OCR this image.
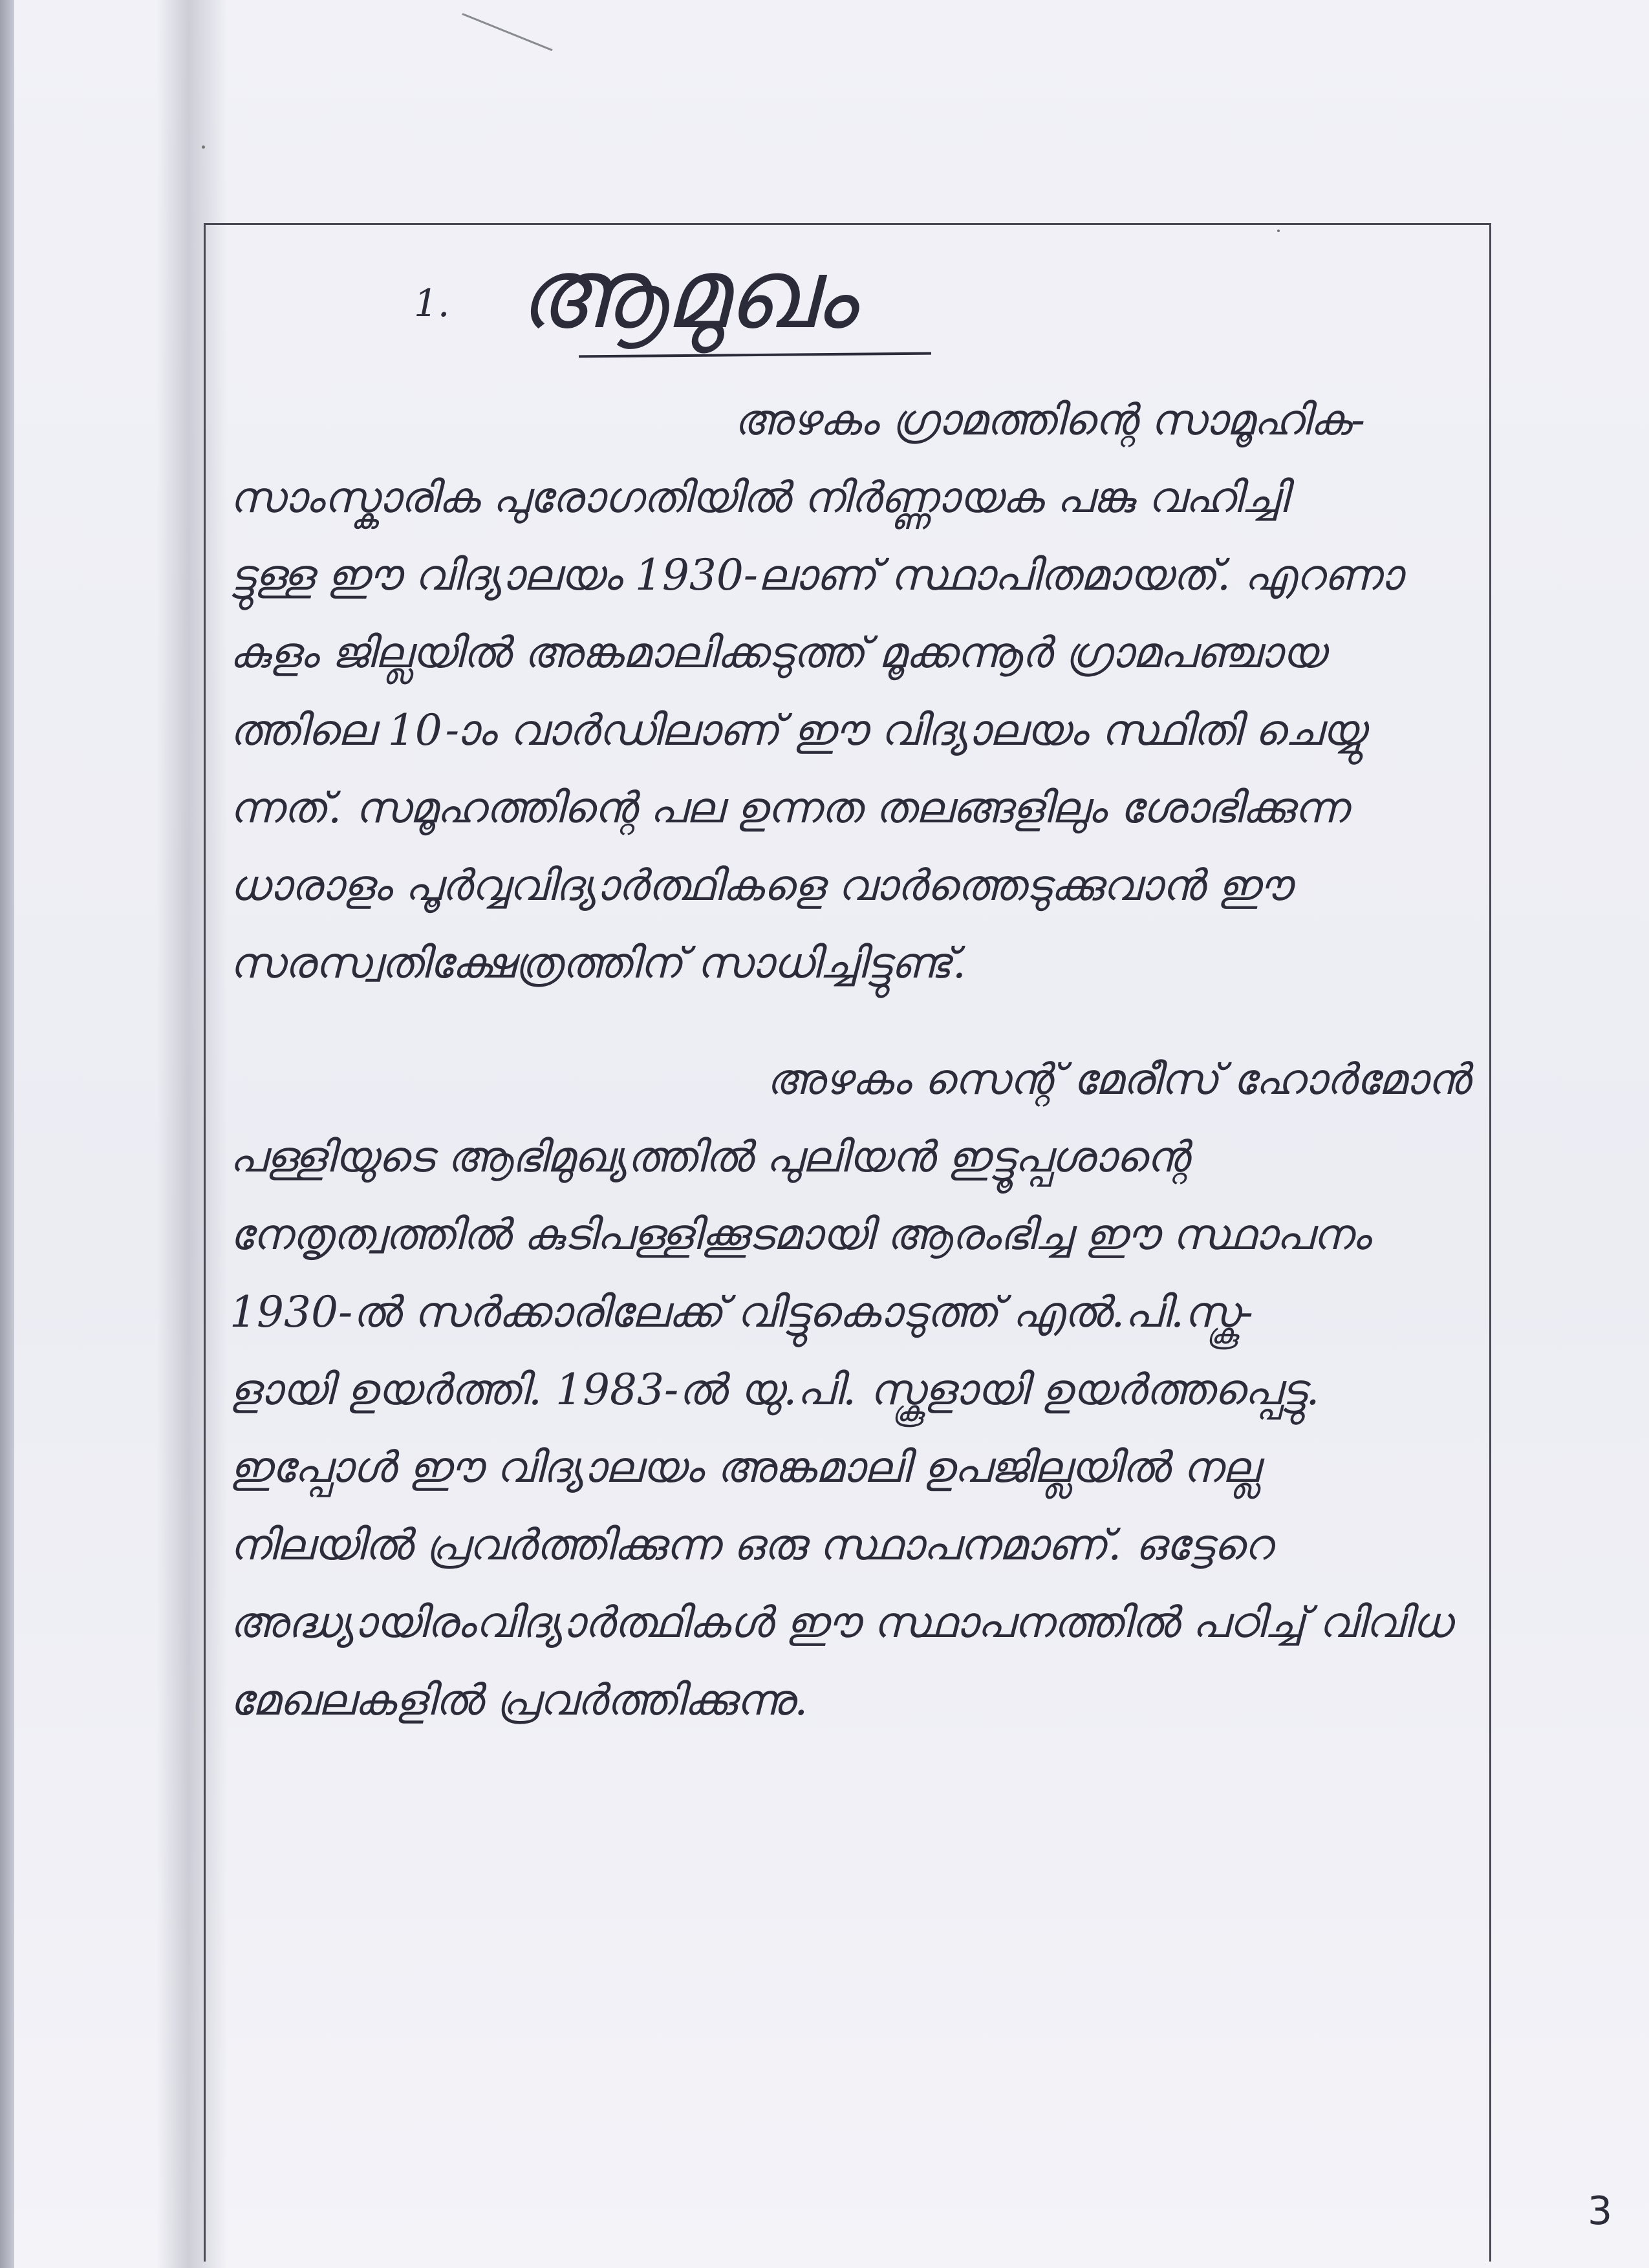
1. ആമുഖം
അഴകം ഗ്രാമത്തിന്റെ സാമൂഹിക-
സാംസ്കാരിക പുരോഗതിയിൽ നിർണ്ണായക പങ്കു വഹിച്ചി
ട്ടുള്ള ഈ വിദ്യാലയം 1930-ലാണ് സ്ഥാപിതമായത്. എറണാ
കുളം ജില്ലയിൽ അങ്കമാലിക്കടുത്ത് മൂക്കന്നൂർ ഗ്രാമപഞ്ചായ
ത്തിലെ 10-ാം വാർഡിലാണ് ഈ വിദ്യാലയം സ്ഥിതി ചെയ്യു
ന്നത്. സമൂഹത്തിന്റെ പല ഉന്നത തലങ്ങളിലും ശോഭിക്കുന്ന
ധാരാളം പൂർവ്വവിദ്യാർത്ഥികളെ വാർത്തെടുക്കുവാൻ ഈ
സരസ്വതിക്ഷേത്രത്തിന് സാധിച്ചിട്ടുണ്ട്.
അഴകം സെന്റ് മേരീസ് ഹോർമോൻ
പള്ളിയുടെ ആഭിമുഖ്യത്തിൽ പുലിയൻ ഇട്ടൂപ്പശാന്റെ
നേതൃത്വത്തിൽ കുടിപള്ളിക്കൂടമായി ആരംഭിച്ച ഈ സ്ഥാപനം
1930-ൽ സർക്കാരിലേക്ക് വിട്ടുകൊടുത്ത് എൽ.പി.സ്കൂ-
ളായി ഉയർത്തി. 1983-ൽ യു.പി. സ്കൂളായി ഉയർത്തപ്പെട്ടു.
ഇപ്പോൾ ഈ വിദ്യാലയം അങ്കമാലി ഉപജില്ലയിൽ നല്ല
നിലയിൽ പ്രവർത്തിക്കുന്ന ഒരു സ്ഥാപനമാണ്. ഒട്ടേറെ
അദ്ധ്യായിരംവിദ്യാർത്ഥികൾ ഈ സ്ഥാപനത്തിൽ പഠിച്ച് വിവിധ
മേഖലകളിൽ പ്രവർത്തിക്കുന്നു.
3
